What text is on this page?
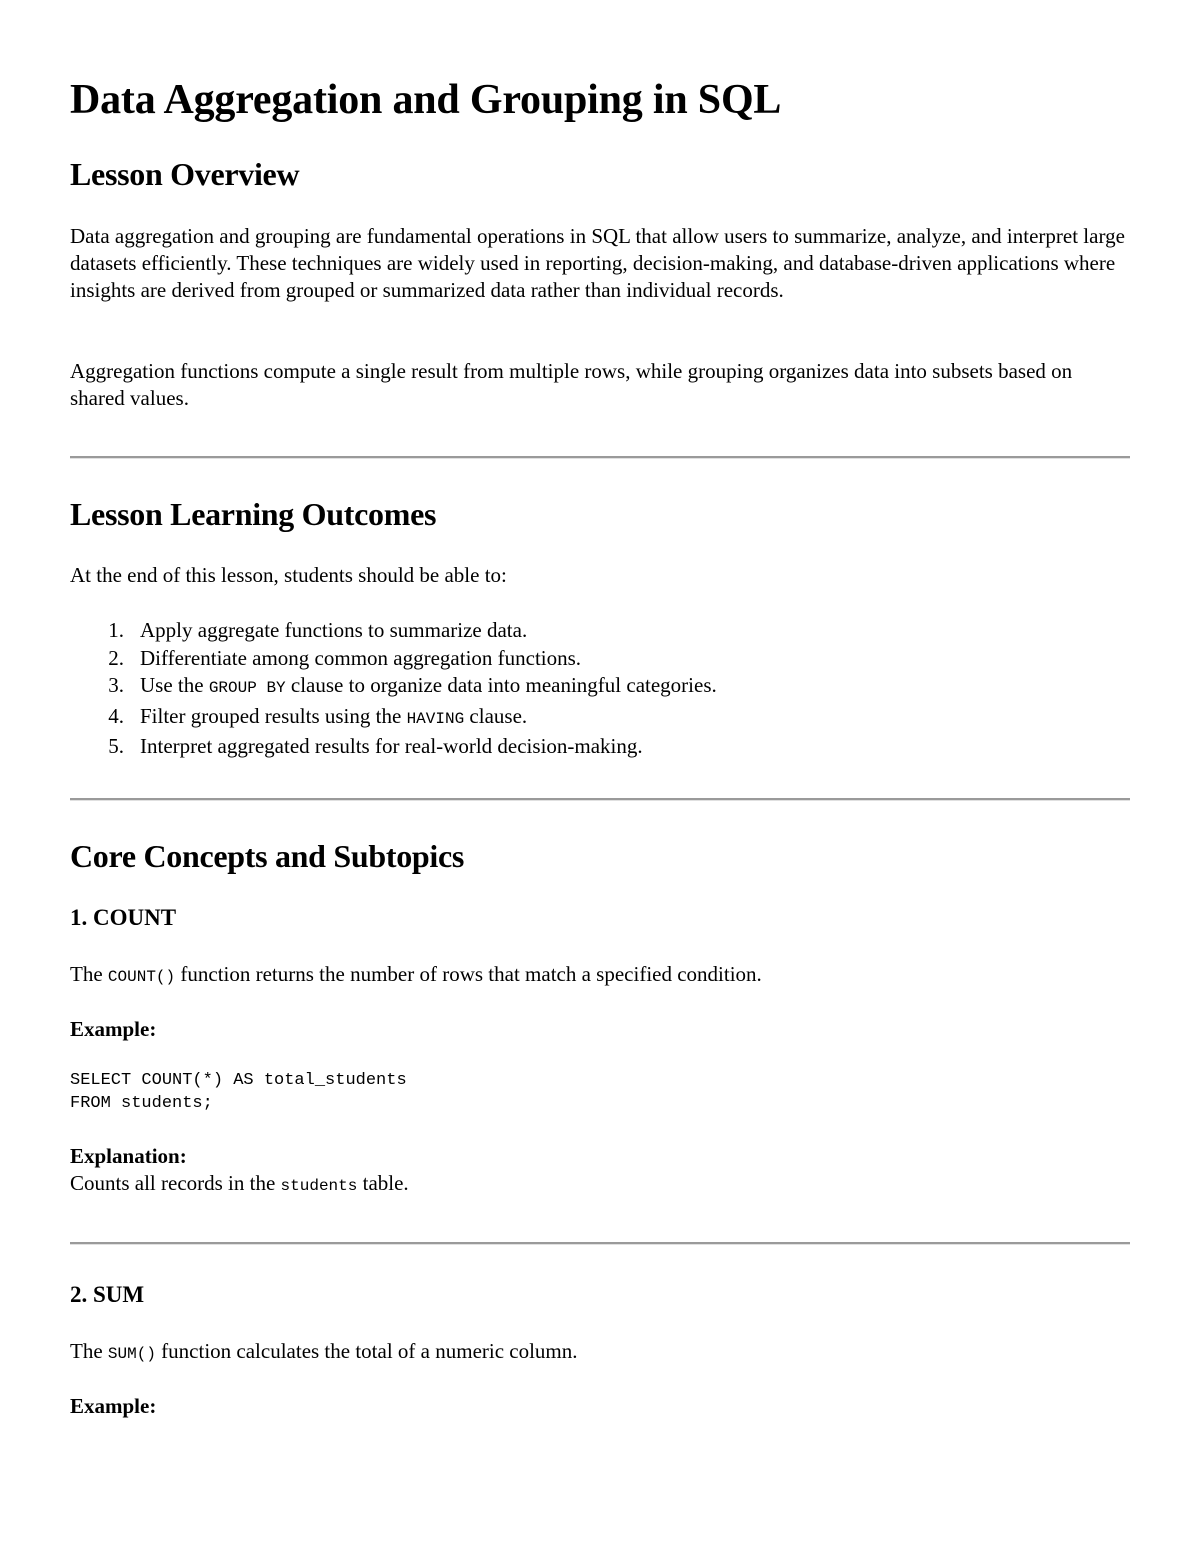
Data Aggregation and Grouping in SQL
Lesson Overview

Data aggregation and grouping are fundamental operations in SQL that allow users to summarize, analyze, and interpret large datasets efficiently. These techniques are widely used in reporting, decision-making, and database-driven applications where insights are derived from grouped or summarized data rather than individual records.

Aggregation functions compute a single result from multiple rows, while grouping organizes data into subsets based on shared values.

Lesson Learning Outcomes

At the end of this lesson, students should be able to:

1. Apply aggregate functions to summarize data.
2. Differentiate among common aggregation functions.
3. Use the GROUP BY clause to organize data into meaningful categories.
4. Filter grouped results using the HAVING clause.
5. Interpret aggregated results for real-world decision-making.
Core Concepts and Subtopics
1. COUNT

The COUNT() function returns the number of rows that match a specified condition.

Example:

SELECT COUNT(*) AS total_students
FROM students;

Explanation:

Counts all records in the students table.

2. SUM

The SUM() function calculates the total of a numeric column.

Example:
